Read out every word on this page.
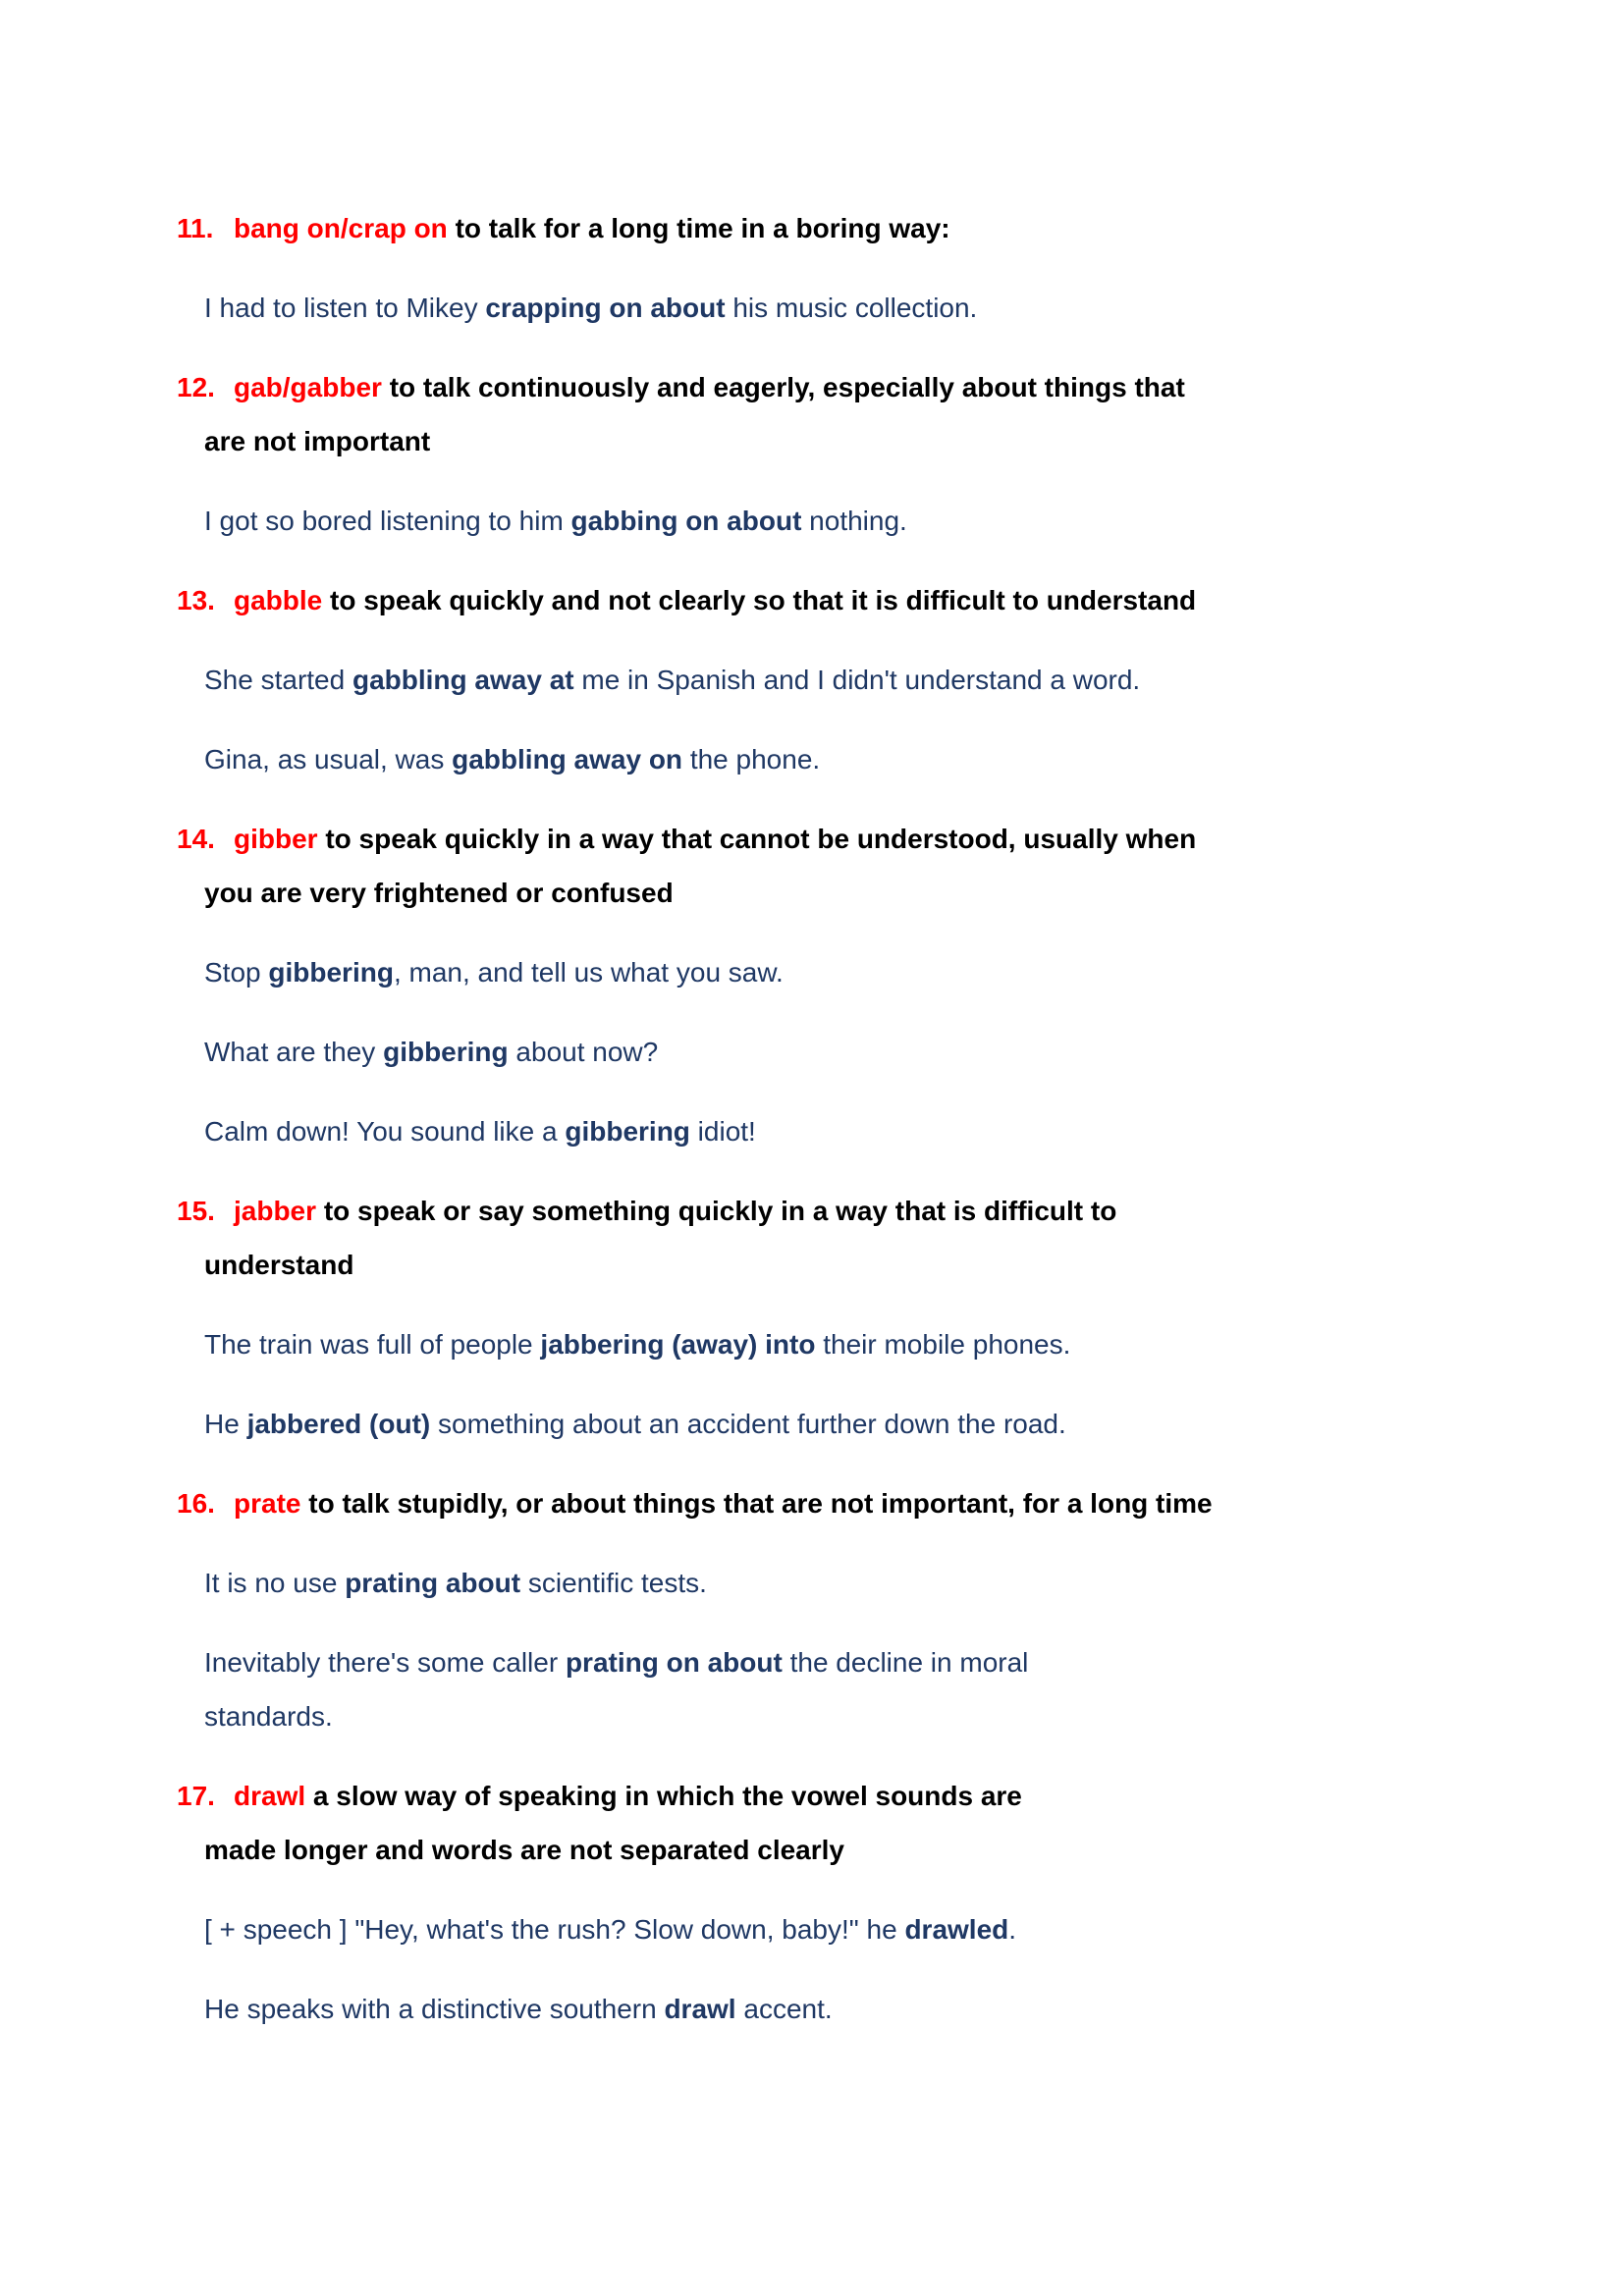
11. bang on/crap on to talk for a long time in a boring way:

I had to listen to Mikey crapping on about his music collection.

12. gab/gabber to talk continuously and eagerly, especially about things that
are not important

I got so bored listening to him gabbing on about nothing.

13. gabble to speak quickly and not clearly so that it is difficult to understand

She started gabbling away at me in Spanish and I didn't understand a word.

Gina, as usual, was gabbling away on the phone.

14. gibber to speak quickly in a way that cannot be understood, usually when
you are very frightened or confused

Stop gibbering, man, and tell us what you saw.

What are they gibbering about now?

Calm down! You sound like a gibbering idiot!

15. jabber to speak or say something quickly in a way that is difficult to
understand

The train was full of people jabbering (away) into their mobile phones.

He jabbered (out) something about an accident further down the road.

16. prate to talk stupidly, or about things that are not important, for a long time

It is no use prating about scientific tests.

Inevitably there's some caller prating on about the decline in moral
standards.

17. drawl a slow way of speaking in which the vowel sounds are
made longer and words are not separated clearly

[ + speech ] "Hey, what's the rush? Slow down, baby!" he drawled.

He speaks with a distinctive southern drawl accent.
